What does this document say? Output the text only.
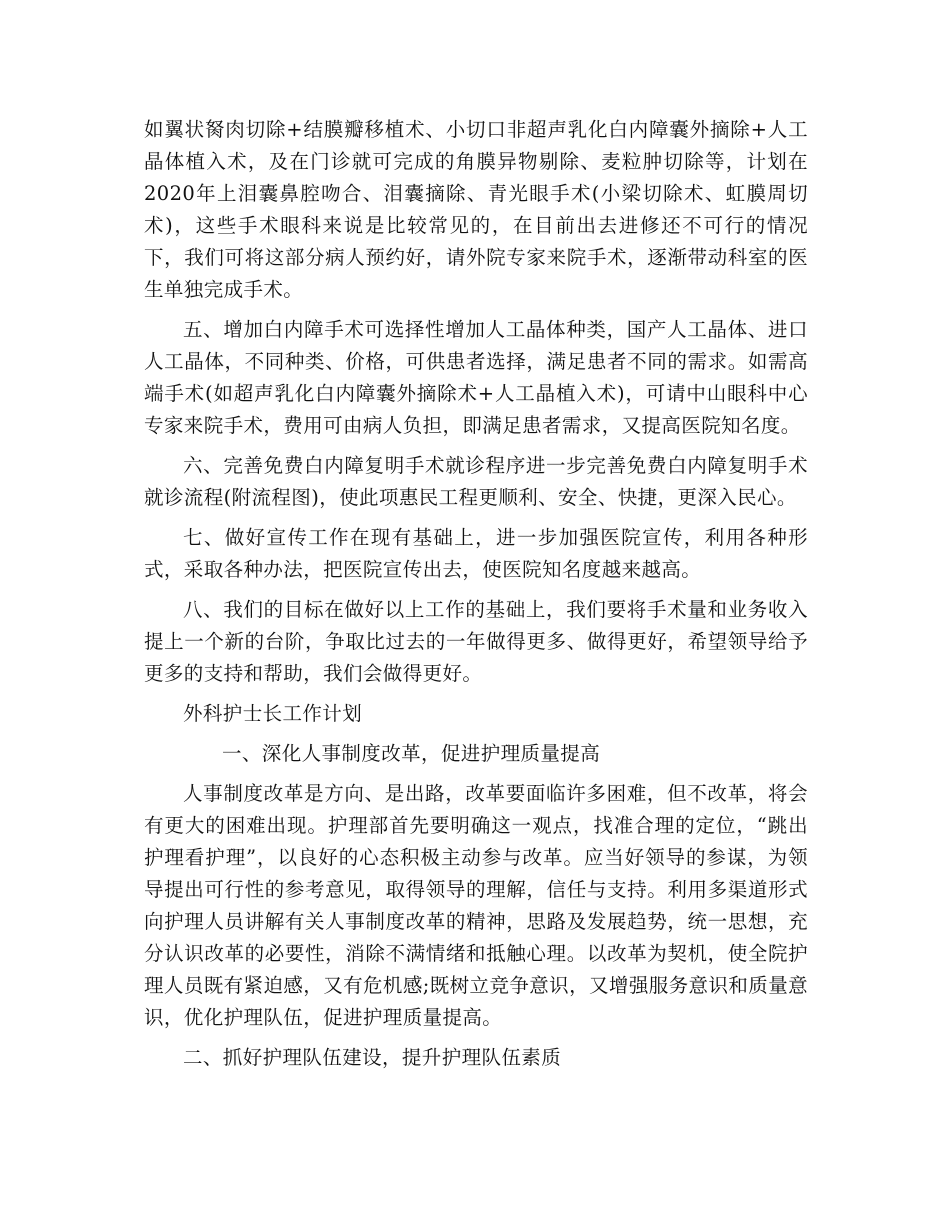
如翼状胬肉切除+结膜瓣移植术、小切口非超声乳化白内障囊外摘除+人工晶体植入术，及在门诊就可完成的角膜异物剔除、麦粒肿切除等，计划在2020年上泪囊鼻腔吻合、泪囊摘除、青光眼手术(小梁切除术、虹膜周切术)，这些手术眼科来说是比较常见的，在目前出去进修还不可行的情况下，我们可将这部分病人预约好，请外院专家来院手术，逐渐带动科室的医生单独完成手术。

五、增加白内障手术可选择性增加人工晶体种类，国产人工晶体、进口人工晶体，不同种类、价格，可供患者选择，满足患者不同的需求。如需高端手术(如超声乳化白内障囊外摘除术+人工晶植入术)，可请中山眼科中心专家来院手术，费用可由病人负担，即满足患者需求，又提高医院知名度。

六、完善免费白内障复明手术就诊程序进一步完善免费白内障复明手术就诊流程(附流程图)，使此项惠民工程更顺利、安全、快捷，更深入民心。

七、做好宣传工作在现有基础上，进一步加强医院宣传，利用各种形式，采取各种办法，把医院宣传出去，使医院知名度越来越高。

八、我们的目标在做好以上工作的基础上，我们要将手术量和业务收入提上一个新的台阶，争取比过去的一年做得更多、做得更好，希望领导给予更多的支持和帮助，我们会做得更好。

外科护士长工作计划

一、深化人事制度改革，促进护理质量提高

人事制度改革是方向、是出路，改革要面临许多困难，但不改革，将会有更大的困难出现。护理部首先要明确这一观点，找准合理的定位，“跳出护理看护理”，以良好的心态积极主动参与改革。应当好领导的参谋，为领导提出可行性的参考意见，取得领导的理解，信任与支持。利用多渠道形式向护理人员讲解有关人事制度改革的精神，思路及发展趋势，统一思想，充分认识改革的必要性，消除不满情绪和抵触心理。以改革为契机，使全院护理人员既有紧迫感，又有危机感;既树立竞争意识，又增强服务意识和质量意识，优化护理队伍，促进护理质量提高。

二、抓好护理队伍建设，提升护理队伍素质
